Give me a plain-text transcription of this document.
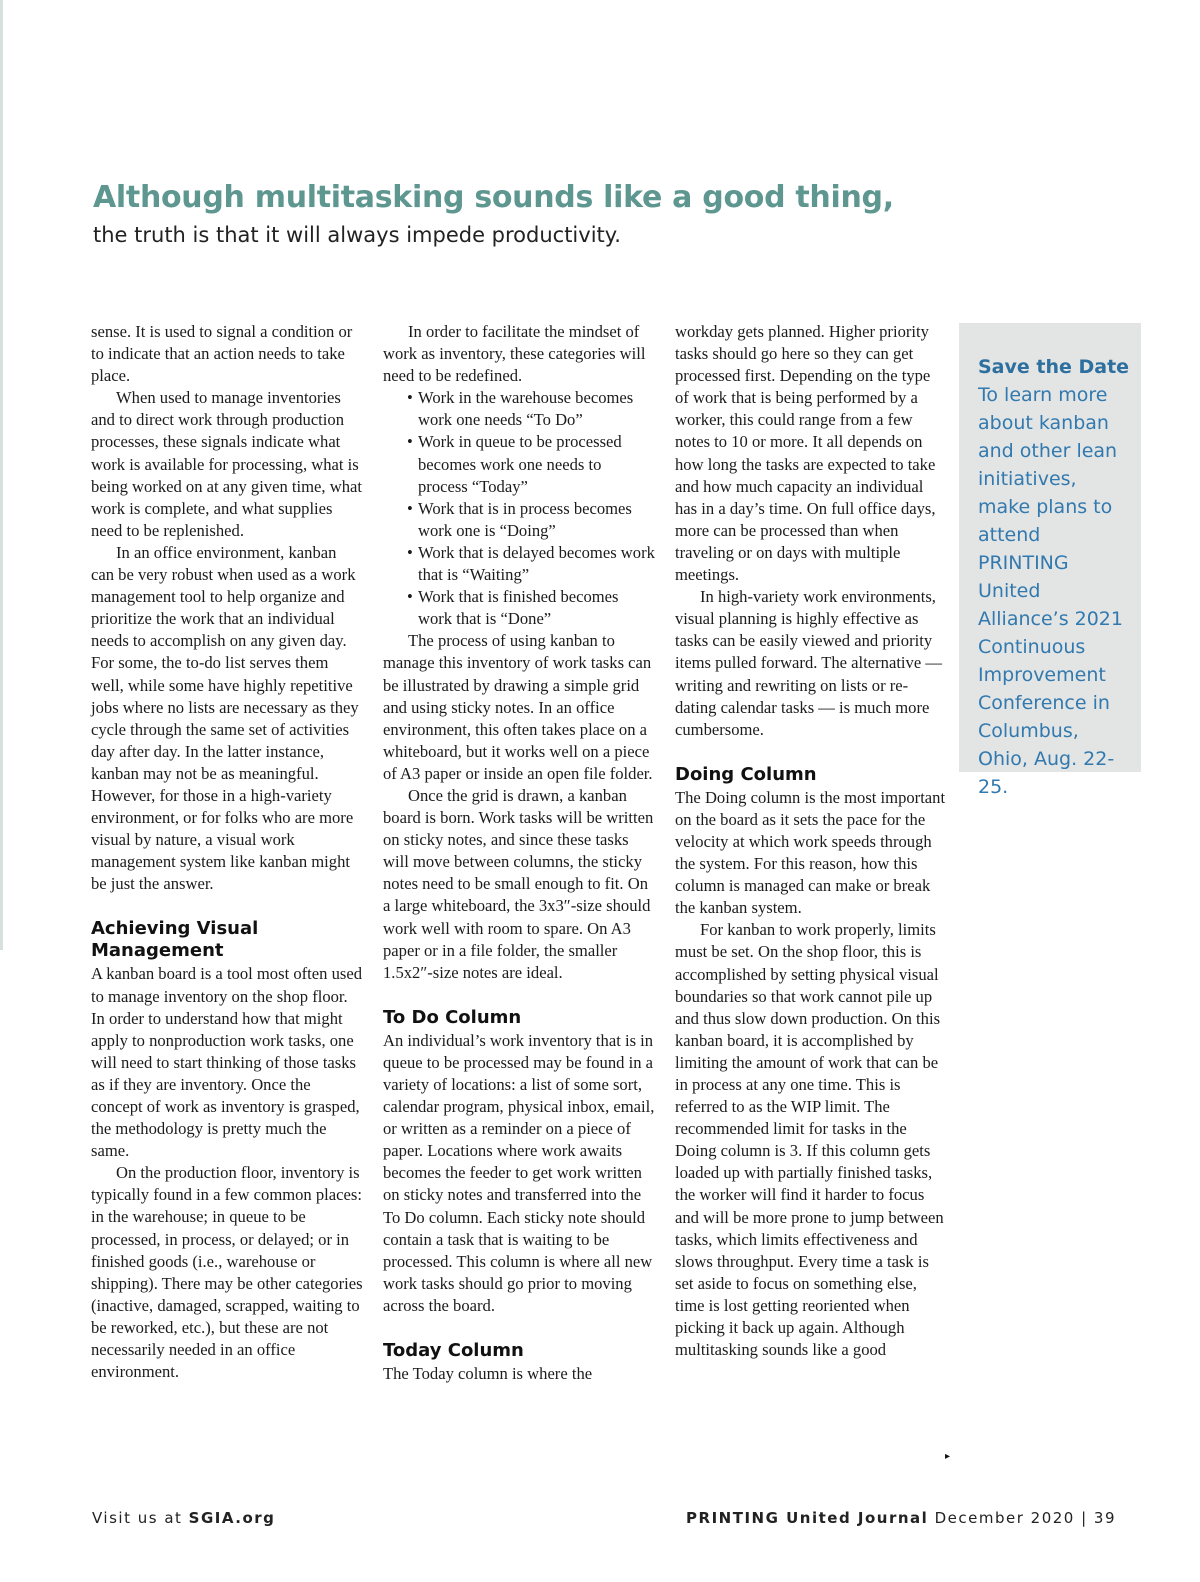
Although multitasking sounds like a good thing,
the truth is that it will always impede productivity.

sense. It is used to signal a condition or to indicate that an action needs to take place.

When used to manage inventories and to direct work through production processes, these signals indicate what work is available for processing, what is being worked on at any given time, what work is complete, and what supplies need to be replenished.

In an office environment, kanban can be very robust when used as a work management tool to help organize and prioritize the work that an individual needs to accomplish on any given day. For some, the to-do list serves them well, while some have highly repetitive jobs where no lists are necessary as they cycle through the same set of activities day after day. In the latter instance, kanban may not be as meaningful. However, for those in a high-variety environment, or for folks who are more visual by nature, a visual work management system like kanban might be just the answer.

Achieving Visual Management

A kanban board is a tool most often used to manage inventory on the shop floor. In order to understand how that might apply to nonproduction work tasks, one will need to start thinking of those tasks as if they are inventory. Once the concept of work as inventory is grasped, the methodology is pretty much the same.

On the production floor, inventory is typically found in a few common places: in the warehouse; in queue to be processed, in process, or delayed; or in finished goods (i.e., warehouse or shipping). There may be other categories (inactive, damaged, scrapped, waiting to be reworked, etc.), but these are not necessarily needed in an office environment.

In order to facilitate the mindset of work as inventory, these categories will need to be redefined.

• Work in the warehouse becomes work one needs “To Do”
• Work in queue to be processed becomes work one needs to process “Today”
• Work that is in process becomes work one is “Doing”
• Work that is delayed becomes work that is “Waiting”
• Work that is finished becomes work that is “Done”

The process of using kanban to manage this inventory of work tasks can be illustrated by drawing a simple grid and using sticky notes. In an office environment, this often takes place on a whiteboard, but it works well on a piece of A3 paper or inside an open file folder.

Once the grid is drawn, a kanban board is born. Work tasks will be written on sticky notes, and since these tasks will move between columns, the sticky notes need to be small enough to fit. On a large whiteboard, the 3x3″-size should work well with room to spare. On A3 paper or in a file folder, the smaller 1.5x2″-size notes are ideal.

To Do Column

An individual’s work inventory that is in queue to be processed may be found in a variety of locations: a list of some sort, calendar program, physical inbox, email, or written as a reminder on a piece of paper. Locations where work awaits becomes the feeder to get work written on sticky notes and transferred into the To Do column. Each sticky note should contain a task that is waiting to be processed. This column is where all new work tasks should go prior to moving across the board.

Today Column

The Today column is where the

workday gets planned. Higher priority tasks should go here so they can get processed first. Depending on the type of work that is being performed by a worker, this could range from a few notes to 10 or more. It all depends on how long the tasks are expected to take and how much capacity an individual has in a day’s time. On full office days, more can be processed than when traveling or on days with multiple meetings.

In high-variety work environments, visual planning is highly effective as tasks can be easily viewed and priority items pulled forward. The alternative — writing and rewriting on lists or re-dating calendar tasks — is much more cumbersome.

Doing Column

The Doing column is the most important on the board as it sets the pace for the velocity at which work speeds through the system. For this reason, how this column is managed can make or break the kanban system.

For kanban to work properly, limits must be set. On the shop floor, this is accomplished by setting physical visual boundaries so that work cannot pile up and thus slow down production. On this kanban board, it is accomplished by limiting the amount of work that can be in process at any one time. This is referred to as the WIP limit. The recommended limit for tasks in the Doing column is 3. If this column gets loaded up with partially finished tasks, the worker will find it harder to focus and will be more prone to jump between tasks, which limits effectiveness and slows throughput. Every time a task is set aside to focus on something else, time is lost getting reoriented when picking it back up again. Although multitasking sounds like a good

▸
Save the Date
To learn more about kanban and other lean initiatives, make plans to attend PRINTING United Alliance’s 2021 Continuous Improvement Conference in Columbus, Ohio, Aug. 22-25.
Visit us at SGIA.org	PRINTING United Journal December 2020 | 39
